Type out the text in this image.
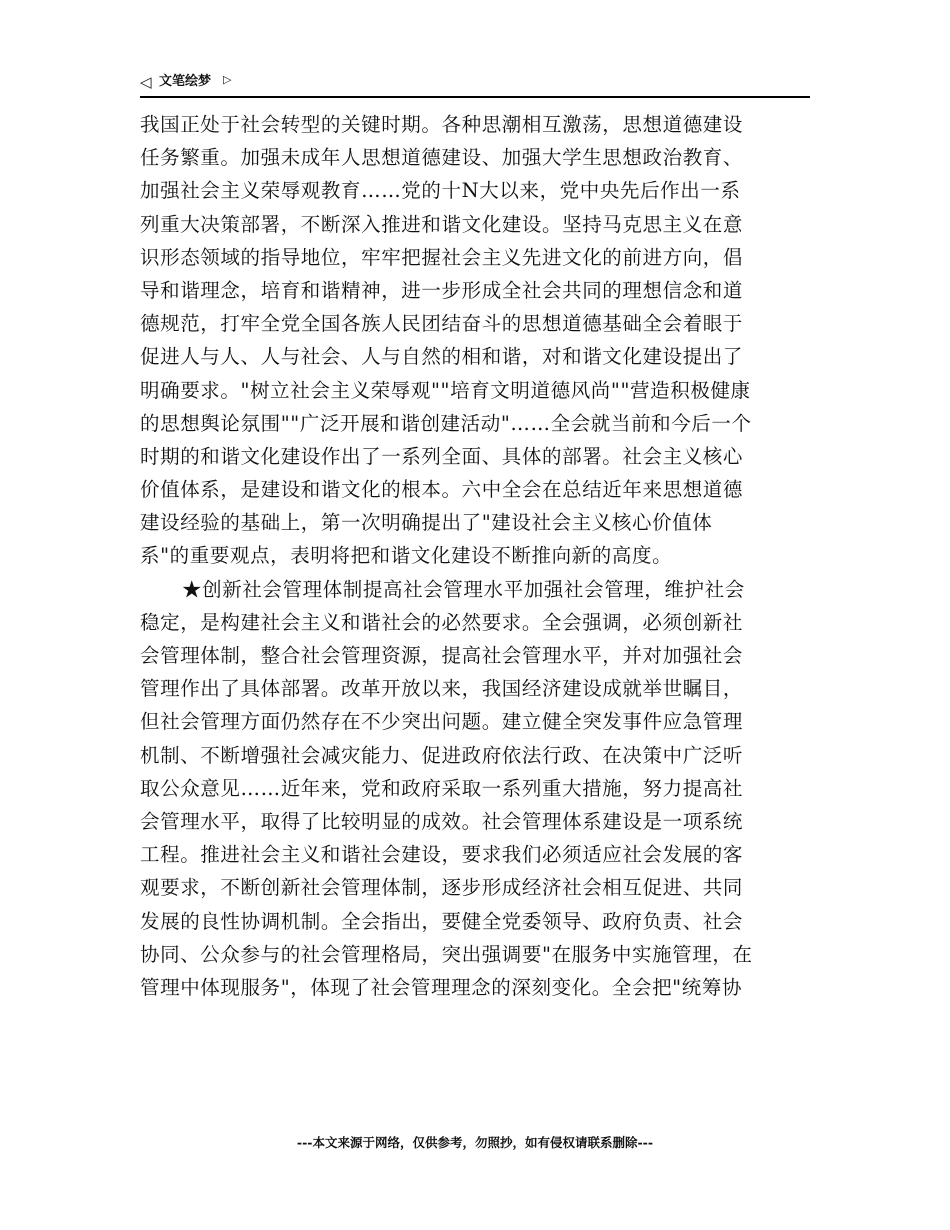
◁ 文笔绘梦 ▷
我国正处于社会转型的关键时期。各种思潮相互激荡，思想道德建设
任务繁重。加强未成年人思想道德建设、加强大学生思想政治教育、
加强社会主义荣辱观教育……党的十N大以来，党中央先后作出一系
列重大决策部署，不断深入推进和谐文化建设。坚持马克思主义在意
识形态领域的指导地位，牢牢把握社会主义先进文化的前进方向，倡
导和谐理念，培育和谐精神，进一步形成全社会共同的理想信念和道
德规范，打牢全党全国各族人民团结奋斗的思想道德基础全会着眼于
促进人与人、人与社会、人与自然的相和谐，对和谐文化建设提出了
明确要求。"树立社会主义荣辱观""培育文明道德风尚""营造积极健康
的思想舆论氛围""广泛开展和谐创建活动"……全会就当前和今后一个
时期的和谐文化建设作出了一系列全面、具体的部署。社会主义核心
价值体系，是建设和谐文化的根本。六中全会在总结近年来思想道德
建设经验的基础上，第一次明确提出了"建设社会主义核心价值体
系"的重要观点，表明将把和谐文化建设不断推向新的高度。
★创新社会管理体制提高社会管理水平加强社会管理，维护社会
稳定，是构建社会主义和谐社会的必然要求。全会强调，必须创新社
会管理体制，整合社会管理资源，提高社会管理水平，并对加强社会
管理作出了具体部署。改革开放以来，我国经济建设成就举世瞩目，
但社会管理方面仍然存在不少突出问题。建立健全突发事件应急管理
机制、不断增强社会减灾能力、促进政府依法行政、在决策中广泛听
取公众意见……近年来，党和政府采取一系列重大措施，努力提高社
会管理水平，取得了比较明显的成效。社会管理体系建设是一项系统
工程。推进社会主义和谐社会建设，要求我们必须适应社会发展的客
观要求，不断创新社会管理体制，逐步形成经济社会相互促进、共同
发展的良性协调机制。全会指出，要健全党委领导、政府负责、社会
协同、公众参与的社会管理格局，突出强调要"在服务中实施管理，在
管理中体现服务"，体现了社会管理理念的深刻变化。全会把"统筹协
---本文来源于网络，仅供参考，勿照抄，如有侵权请联系删除---
